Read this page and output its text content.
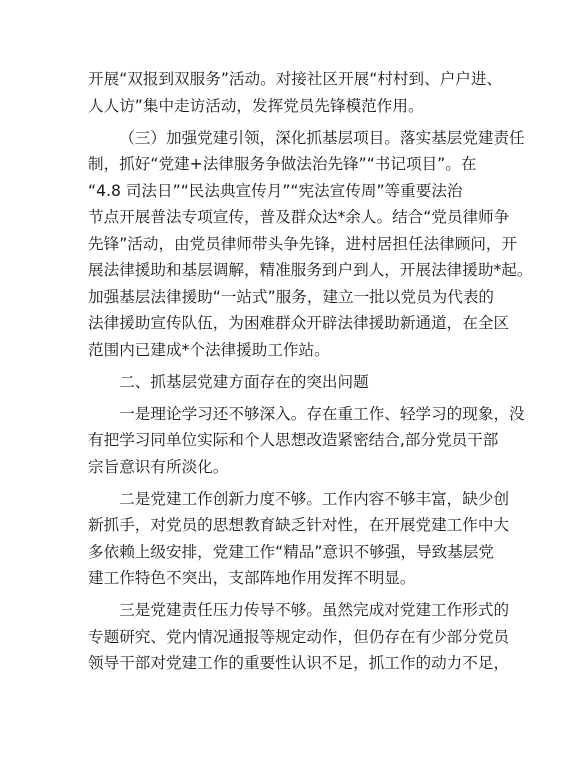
开展“双报到双服务”活动。对接社区开展“村村到、户户进、
人人访”集中走访活动，发挥党员先锋模范作用。
（三）加强党建引领，深化抓基层项目。落实基层党建责任
制，抓好“党建+法律服务争做法治先锋”“书记项目”。在
“4.8 司法日”“民法典宣传月”“宪法宣传周”等重要法治
节点开展普法专项宣传，普及群众达*余人。结合“党员律师争
先锋”活动，由党员律师带头争先锋，进村居担任法律顾问，开
展法律援助和基层调解，精准服务到户到人，开展法律援助*起。
加强基层法律援助“一站式”服务，建立一批以党员为代表的
法律援助宣传队伍，为困难群众开辟法律援助新通道，在全区
范围内已建成*个法律援助工作站。
二、抓基层党建方面存在的突出问题
一是理论学习还不够深入。存在重工作、轻学习的现象，没
有把学习同单位实际和个人思想改造紧密结合,部分党员干部
宗旨意识有所淡化。
二是党建工作创新力度不够。工作内容不够丰富，缺少创
新抓手，对党员的思想教育缺乏针对性，在开展党建工作中大
多依赖上级安排，党建工作“精品”意识不够强，导致基层党
建工作特色不突出，支部阵地作用发挥不明显。
三是党建责任压力传导不够。虽然完成对党建工作形式的
专题研究、党内情况通报等规定动作，但仍存在有少部分党员
领导干部对党建工作的重要性认识不足，抓工作的动力不足，
